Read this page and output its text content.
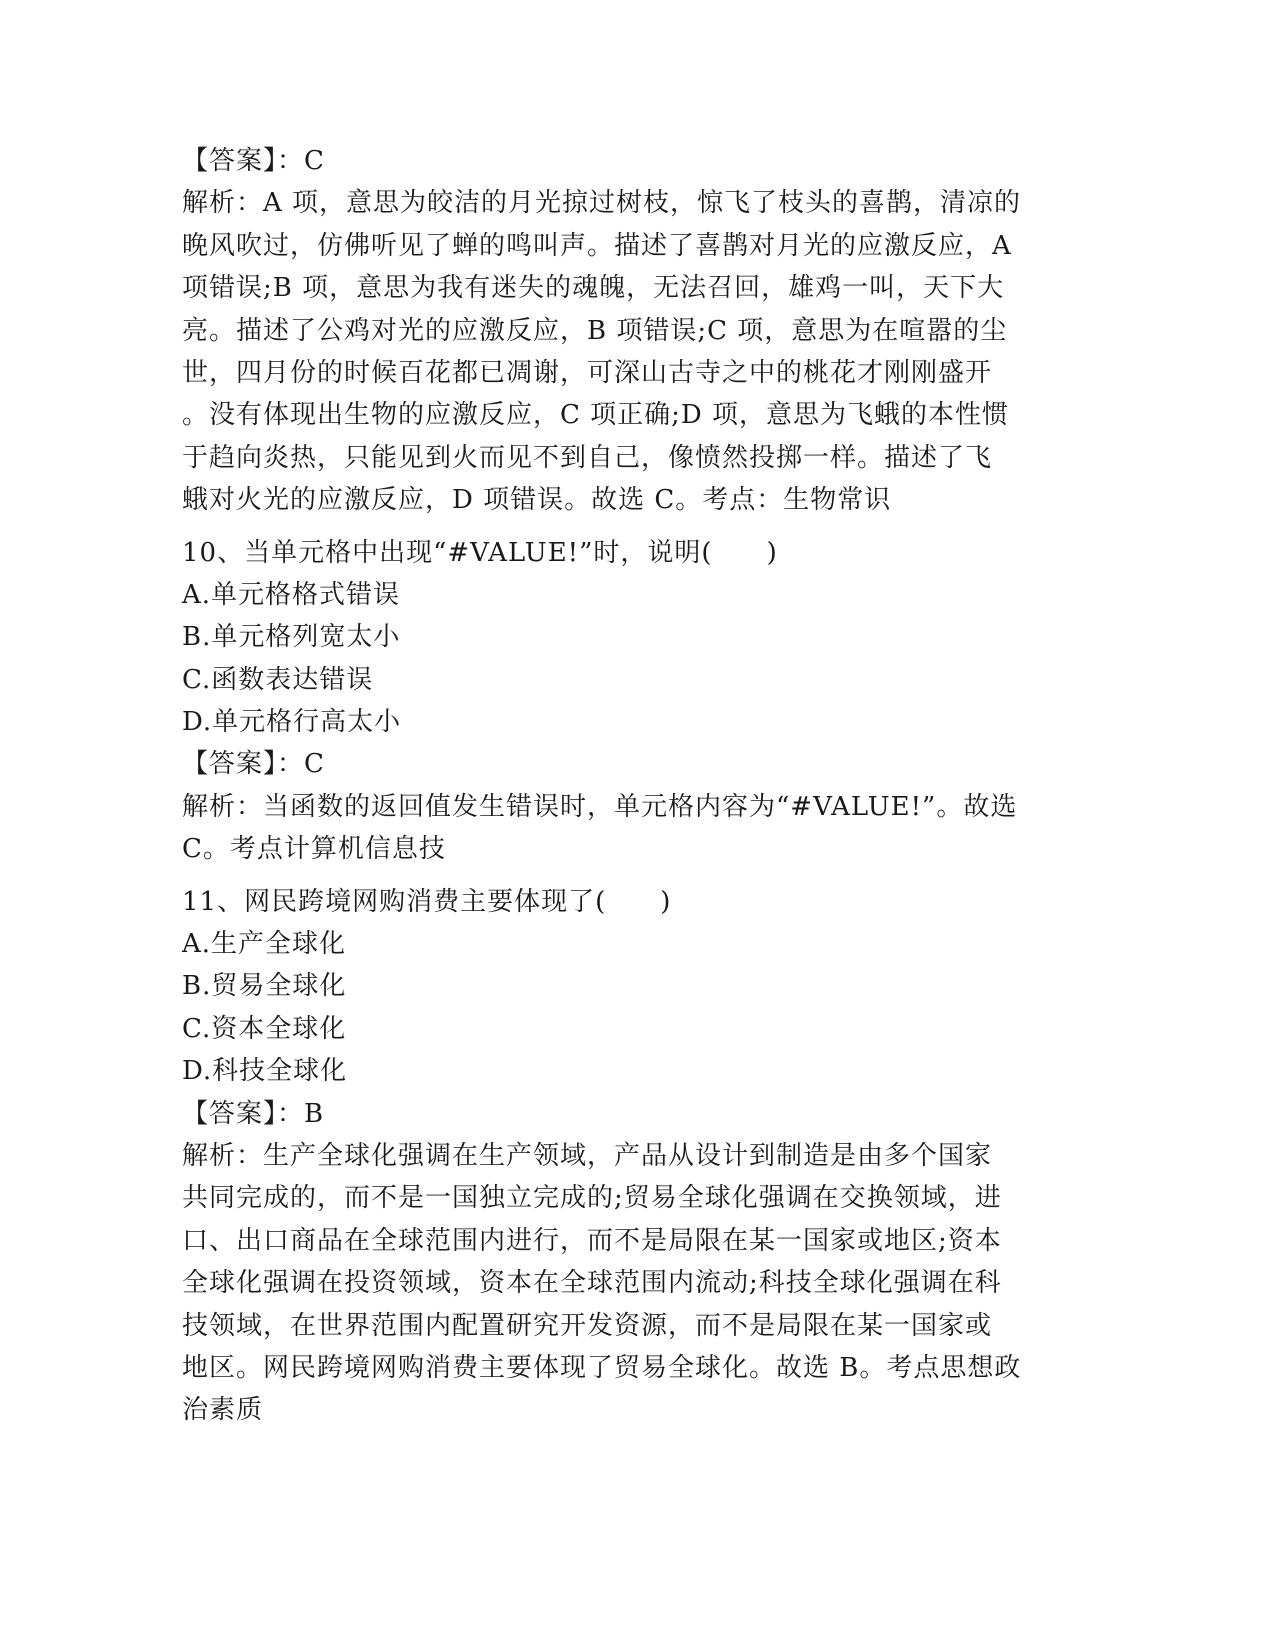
【答案】：C
解析：A 项，意思为皎洁的月光掠过树枝，惊飞了枝头的喜鹊，清凉的
晚风吹过，仿佛听见了蝉的鸣叫声。描述了喜鹊对月光的应激反应，A
项错误;B 项，意思为我有迷失的魂魄，无法召回，雄鸡一叫，天下大
亮。描述了公鸡对光的应激反应，B 项错误;C 项，意思为在喧嚣的尘
世，四月份的时候百花都已凋谢，可深山古寺之中的桃花才刚刚盛开
。没有体现出生物的应激反应，C 项正确;D 项，意思为飞蛾的本性惯
于趋向炎热，只能见到火而见不到自己，像愤然投掷一样。描述了飞
蛾对火光的应激反应，D 项错误。故选 C。考点：生物常识
10、当单元格中出现“#VALUE!”时，说明(　　)
A.单元格格式错误
B.单元格列宽太小
C.函数表达错误
D.单元格行高太小
【答案】：C
解析：当函数的返回值发生错误时，单元格内容为“#VALUE!”。故选
C。考点计算机信息技
11、网民跨境网购消费主要体现了(　　)
A.生产全球化
B.贸易全球化
C.资本全球化
D.科技全球化
【答案】：B
解析：生产全球化强调在生产领域，产品从设计到制造是由多个国家
共同完成的，而不是一国独立完成的;贸易全球化强调在交换领域，进
口、出口商品在全球范围内进行，而不是局限在某一国家或地区;资本
全球化强调在投资领域，资本在全球范围内流动;科技全球化强调在科
技领域，在世界范围内配置研究开发资源，而不是局限在某一国家或
地区。网民跨境网购消费主要体现了贸易全球化。故选 B。考点思想政
治素质
